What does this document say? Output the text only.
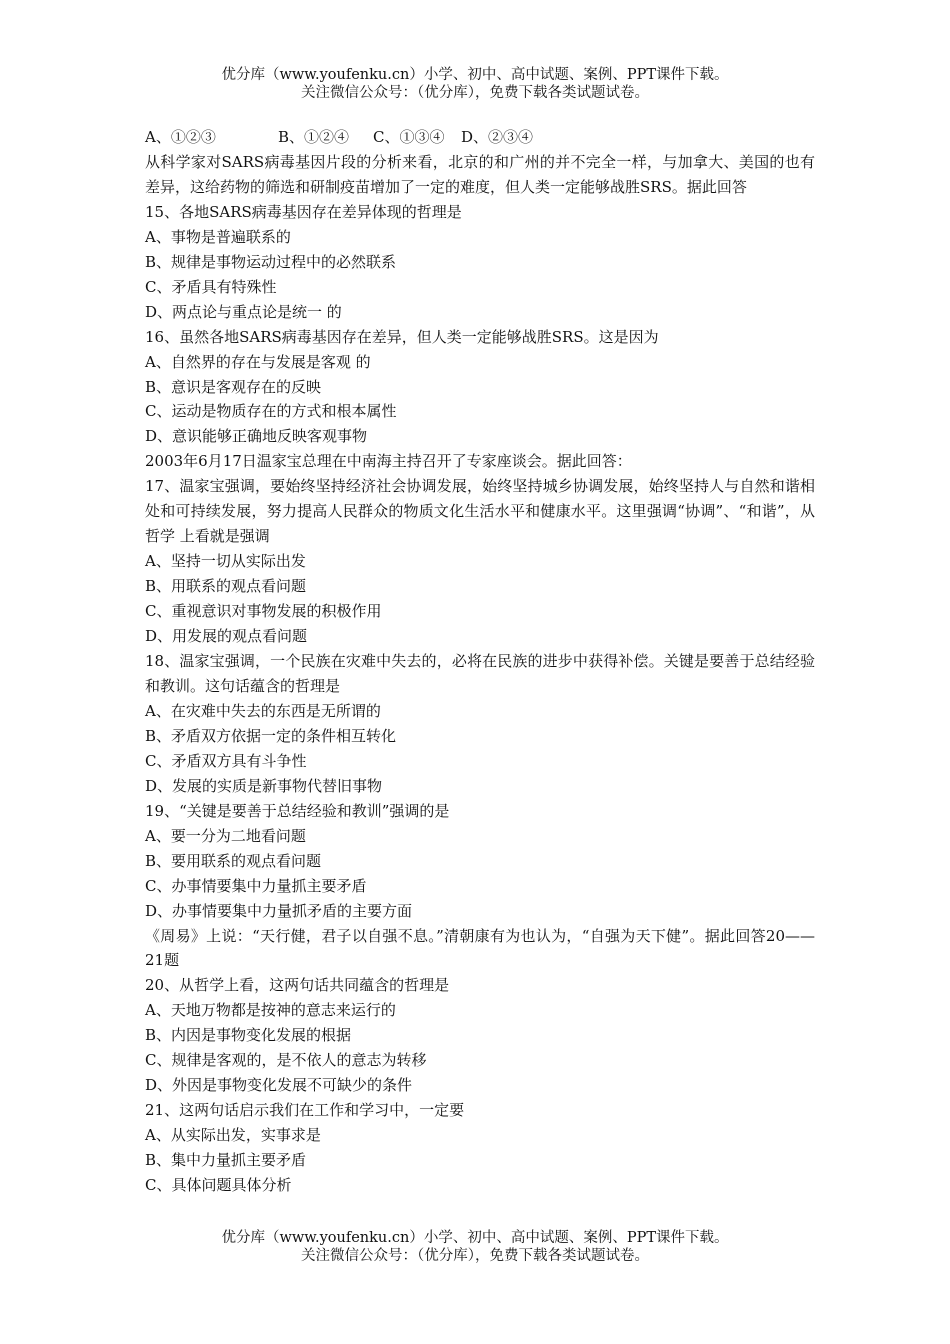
优分库（www.youfenku.cn）小学、初中、高中试题、案例、PPT课件下载。
关注微信公众号：（优分库），免费下载各类试题试卷。
A、①②③	B、①②④ C、①③④ D、②③④

从科学家对SARS病毒基因片段的分析来看，北京的和广州的并不完全一样，与加拿大、美国的也有差异，这给药物的筛选和研制疫苗增加了一定的难度，但人类一定能够战胜SRS。据此回答

15、各地SARS病毒基因存在差异体现的哲理是

A、事物是普遍联系的

B、规律是事物运动过程中的必然联系

C、矛盾具有特殊性

D、两点论与重点论是统一 的

16、虽然各地SARS病毒基因存在差异，但人类一定能够战胜SRS。这是因为

A、自然界的存在与发展是客观 的

B、意识是客观存在的反映

C、运动是物质存在的方式和根本属性

D、意识能够正确地反映客观事物

2003年6月17日温家宝总理在中南海主持召开了专家座谈会。据此回答：

17、温家宝强调，要始终坚持经济社会协调发展，始终坚持城乡协调发展，始终坚持人与自然和谐相处和可持续发展，努力提高人民群众的物质文化生活水平和健康水平。这里强调“协调”、“和谐”，从哲学 上看就是强调

A、坚持一切从实际出发

B、用联系的观点看问题

C、重视意识对事物发展的积极作用

D、用发展的观点看问题

18、温家宝强调，一个民族在灾难中失去的，必将在民族的进步中获得补偿。关键是要善于总结经验和教训。这句话蕴含的哲理是

A、在灾难中失去的东西是无所谓的

B、矛盾双方依据一定的条件相互转化

C、矛盾双方具有斗争性

D、发展的实质是新事物代替旧事物

19、“关键是要善于总结经验和教训”强调的是

A、要一分为二地看问题

B、要用联系的观点看问题

C、办事情要集中力量抓主要矛盾

D、办事情要集中力量抓矛盾的主要方面

《周易》上说：“天行健，君子以自强不息。”清朝康有为也认为，“自强为天下健”。据此回答20——21题

20、从哲学上看，这两句话共同蕴含的哲理是

A、天地万物都是按神的意志来运行的

B、内因是事物变化发展的根据

C、规律是客观的，是不依人的意志为转移

D、外因是事物变化发展不可缺少的条件

21、这两句话启示我们在工作和学习中，一定要

A、从实际出发，实事求是

B、集中力量抓主要矛盾

C、具体问题具体分析

优分库（www.youfenku.cn）小学、初中、高中试题、案例、PPT课件下载。
关注微信公众号：（优分库），免费下载各类试题试卷。
